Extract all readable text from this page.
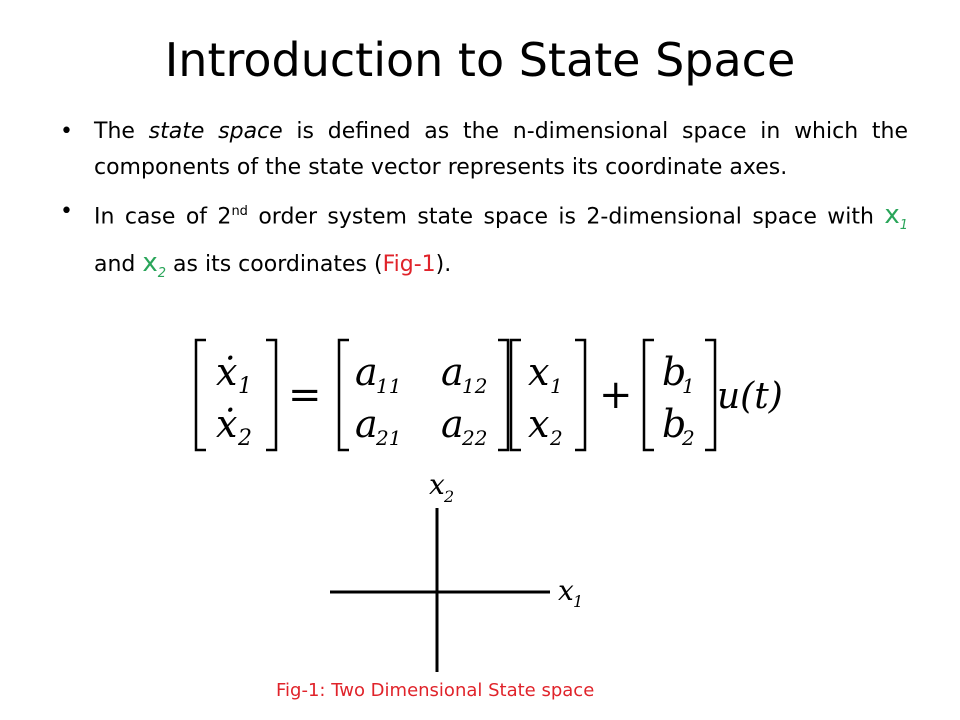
Introduction to State Space
• The state space is defined as the n-dimensional space in which the components of the state vector represents its coordinate axes.
• In case of 2nd order system state space is 2-dimensional space with $x_1$ and $x_2$ as its coordinates (Fig-1).
ẋ 1
ẋ 2
= a
11 a
12
a
21 a
22
x 1
x 2
+ b
1
b
2
u(t)
x 2
x 1
Fig-1: Two Dimensional State space
